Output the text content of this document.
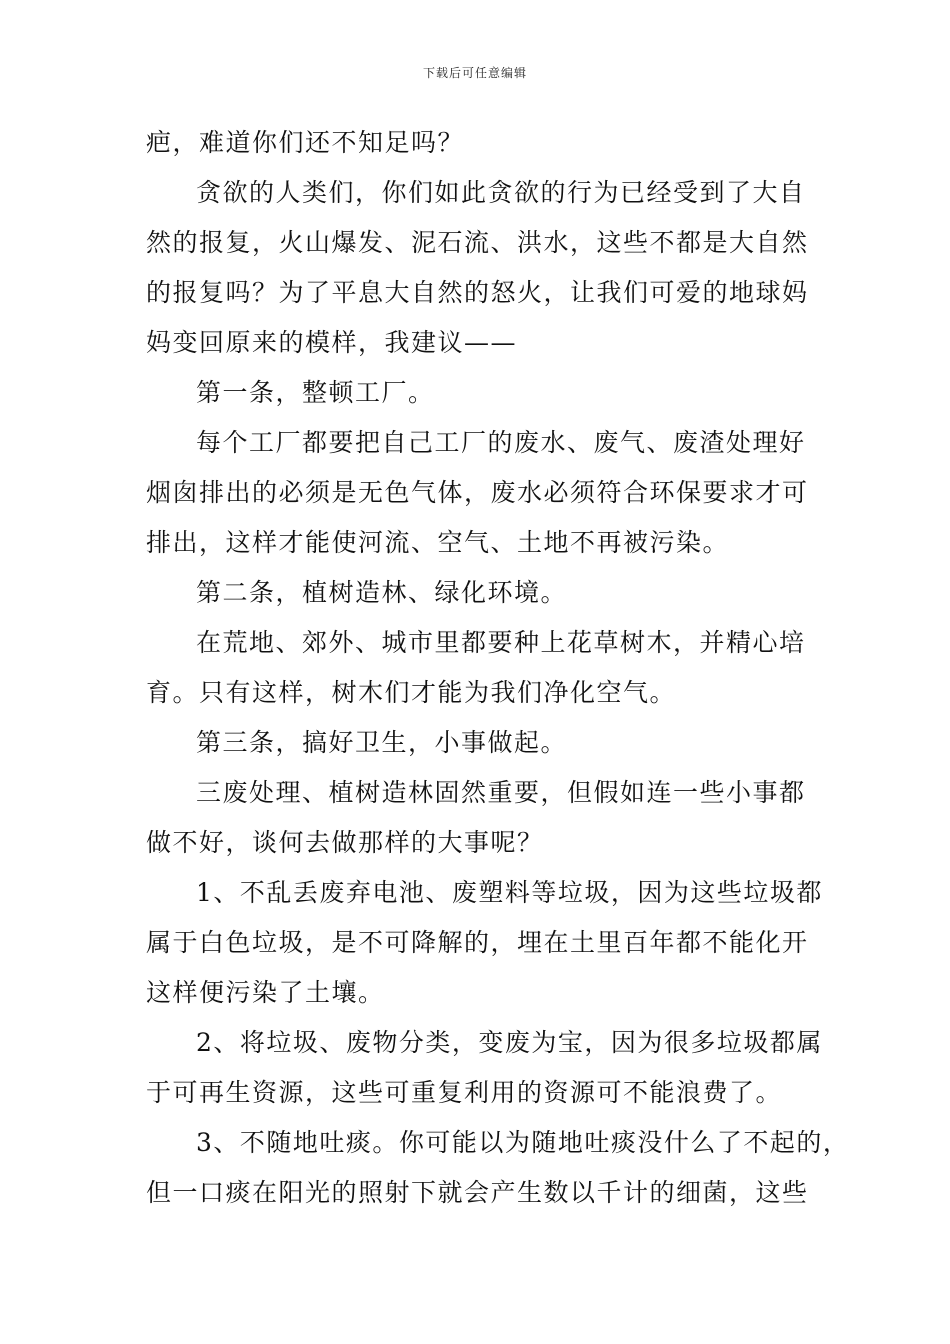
下载后可任意编辑
疤，难道你们还不知足吗？
贪欲的人类们，你们如此贪欲的行为已经受到了大自
然的报复，火山爆发、泥石流、洪水，这些不都是大自然
的报复吗？为了平息大自然的怒火，让我们可爱的地球妈
妈变回原来的模样，我建议——
第一条，整顿工厂。
每个工厂都要把自己工厂的废水、废气、废渣处理好
烟囱排出的必须是无色气体，废水必须符合环保要求才可
排出，这样才能使河流、空气、土地不再被污染。
第二条，植树造林、绿化环境。
在荒地、郊外、城市里都要种上花草树木，并精心培
育。只有这样，树木们才能为我们净化空气。
第三条，搞好卫生，小事做起。
三废处理、植树造林固然重要，但假如连一些小事都
做不好，谈何去做那样的大事呢？
1、不乱丢废弃电池、废塑料等垃圾，因为这些垃圾都
属于白色垃圾，是不可降解的，埋在土里百年都不能化开
这样便污染了土壤。
2、将垃圾、废物分类，变废为宝，因为很多垃圾都属
于可再生资源，这些可重复利用的资源可不能浪费了。
3、不随地吐痰。你可能以为随地吐痰没什么了不起的，
但一口痰在阳光的照射下就会产生数以千计的细菌，这些
